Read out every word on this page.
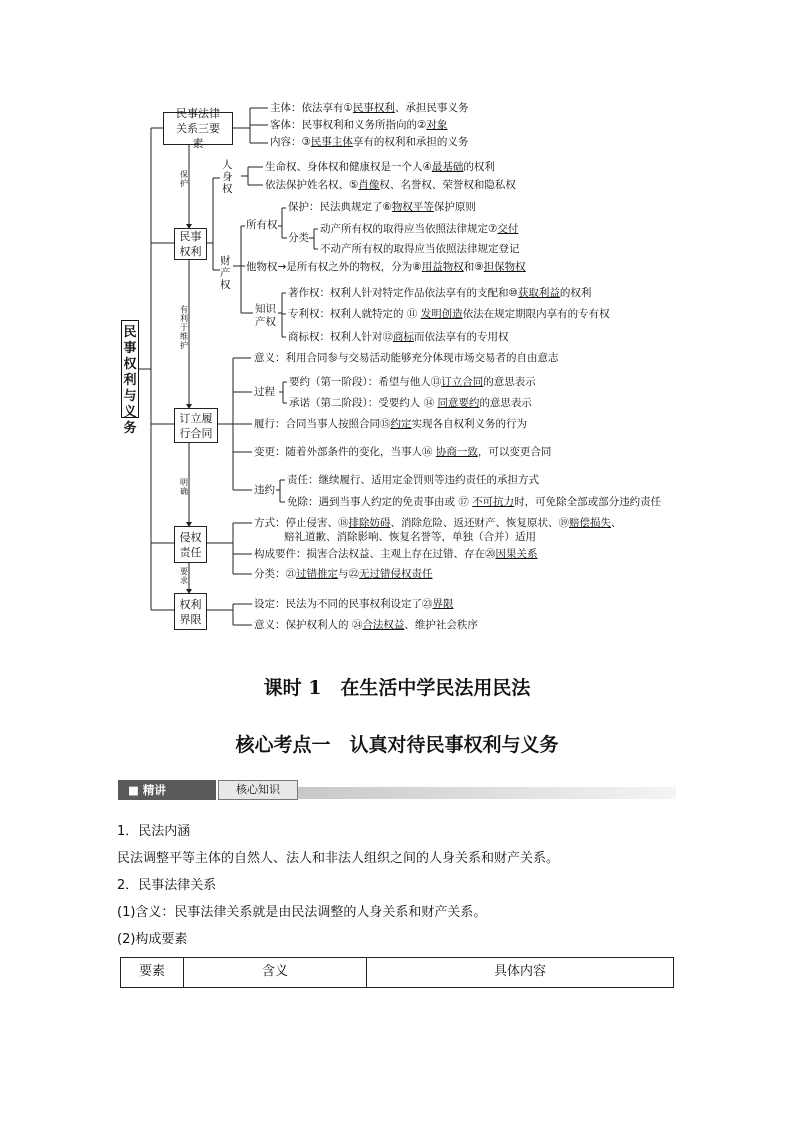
民事权利与义务
民事法律关系三要素
民事权利
订立履行合同
侵权责任
权利界限
保护
有利于维护
明确
要求
主体：依法享有①民事权利、承担民事义务
客体：民事权利和义务所指向的②对象
内容：③民事主体享有的权利和承担的义务
人身权
生命权、身体权和健康权是一个人④最基础的权利
依法保护姓名权、⑤肖像权、名誉权、荣誉权和隐私权
财产权
所有权
保护：民法典规定了⑥物权平等保护原则
分类
动产所有权的取得应当依照法律规定⑦交付
不动产所有权的取得应当依照法律规定登记
他物权→是所有权之外的物权，分为⑧用益物权和⑨担保物权
知识产权
著作权：权利人针对特定作品依法享有的支配和⑩获取利益的权利
专利权：权利人就特定的 ⑪ 发明创造依法在规定期限内享有的专有权
商标权：权利人针对⑫商标而依法享有的专用权
意义：利用合同参与交易活动能够充分体现市场交易者的自由意志
过程
要约（第一阶段）：希望与他人⑬订立合同的意思表示
承诺（第二阶段）：受要约人 ⑭ 同意要约的意思表示
履行：合同当事人按照合同⑮约定实现各自权利义务的行为
变更：随着外部条件的变化，当事人⑯ 协商一致，可以变更合同
违约
责任：继续履行、适用定金罚则等违约责任的承担方式
免除：遇到当事人约定的免责事由或 ⑰ 不可抗力时，可免除全部或部分违约责任
方式：停止侵害、⑱排除妨碍、消除危险、返还财产、恢复原状、⑲赔偿损失、
赔礼道歉、消除影响、恢复名誉等，单独（合并）适用
构成要件：损害合法权益、主观上存在过错、存在⑳因果关系
分类：㉑过错推定与㉒无过错侵权责任
设定：民法为不同的民事权利设定了㉓界限
意义：保护权利人的 ㉔合法权益、维护社会秩序
课时 1　在生活中学民法用民法
核心考点一　认真对待民事权利与义务
■ 精讲	核心知识
1．民法内涵
民法调整平等主体的自然人、法人和非法人组织之间的人身关系和财产关系。
2．民事法律关系
(1)含义：民事法律关系就是由民法调整的人身关系和财产关系。
(2)构成要素
要素	含义	具体内容
